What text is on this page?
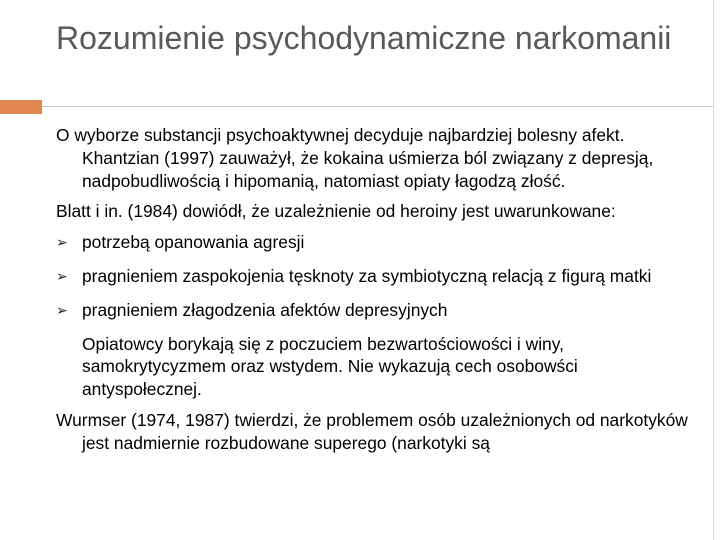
Rozumienie psychodynamiczne narkomanii

O wyborze substancji psychoaktywnej decyduje najbardziej bolesny afekt. Khantzian (1997) zauważył, że kokaina uśmierza ból związany z depresją, nadpobudliwością i hipomanią, natomiast opiaty łagodzą złość.

Blatt i in. (1984) dowiódł, że uzależnienie od heroiny jest uwarunkowane:

➢ potrzebą opanowania agresji
➢ pragnieniem zaspokojenia tęsknoty za symbiotyczną relacją z figurą matki
➢ pragnieniem złagodzenia afektów depresyjnych

Opiatowcy borykają się z poczuciem bezwartościowości i winy, samokrytycyzmem oraz wstydem. Nie wykazują cech osobowści antyspołecznej.

Wurmser (1974, 1987) twierdzi, że problemem osób uzależnionych od narkotyków jest nadmiernie rozbudowane superego (narkotyki są
